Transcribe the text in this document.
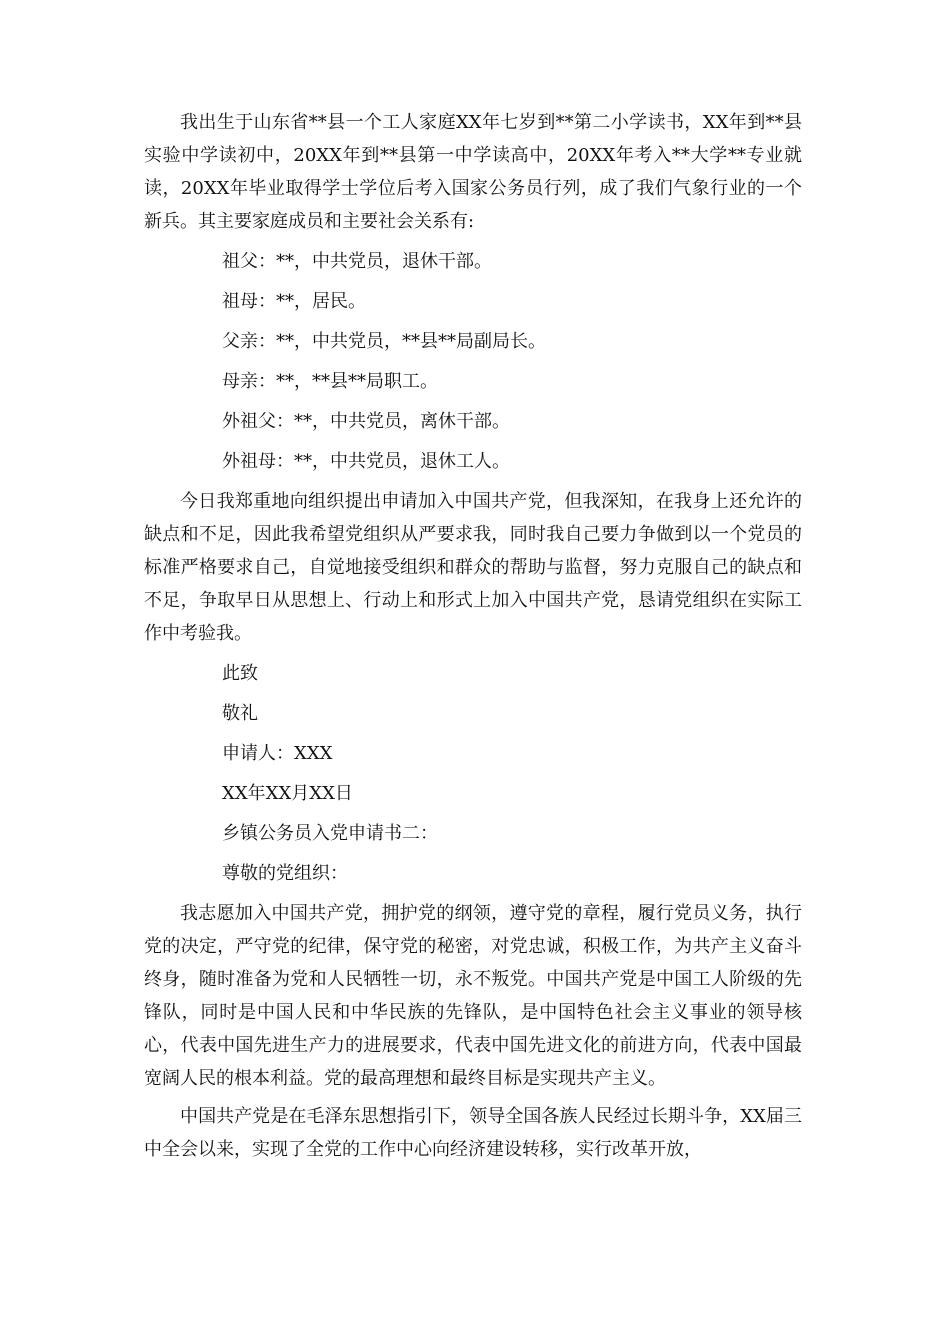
我出生于山东省**县一个工人家庭XX年七岁到**第二小学读书，XX年到**县实验中学读初中，20XX年到**县第一中学读高中，20XX年考入**大学**专业就读，20XX年毕业取得学士学位后考入国家公务员行列，成了我们气象行业的一个新兵。其主要家庭成员和主要社会关系有:

祖父：**，中共党员，退休干部。

祖母：**，居民。

父亲：**，中共党员，**县**局副局长。

母亲：**，**县**局职工。

外祖父：**，中共党员，离休干部。

外祖母：**，中共党员，退休工人。

今日我郑重地向组织提出申请加入中国共产党，但我深知，在我身上还允许的缺点和不足，因此我希望党组织从严要求我，同时我自己要力争做到以一个党员的标准严格要求自己，自觉地接受组织和群众的帮助与监督，努力克服自己的缺点和不足，争取早日从思想上、行动上和形式上加入中国共产党，恳请党组织在实际工作中考验我。

此致

敬礼

申请人：XXX

XX年XX月XX日

乡镇公务员入党申请书二：

尊敬的党组织：

我志愿加入中国共产党，拥护党的纲领，遵守党的章程，履行党员义务，执行党的决定，严守党的纪律，保守党的秘密，对党忠诚，积极工作，为共产主义奋斗终身，随时准备为党和人民牺牲一切，永不叛党。中国共产党是中国工人阶级的先锋队，同时是中国人民和中华民族的先锋队，是中国特色社会主义事业的领导核心，代表中国先进生产力的进展要求，代表中国先进文化的前进方向，代表中国最宽阔人民的根本利益。党的最高理想和最终目标是实现共产主义。

中国共产党是在毛泽东思想指引下，领导全国各族人民经过长期斗争，XX届三中全会以来，实现了全党的工作中心向经济建设转移，实行改革开放，
